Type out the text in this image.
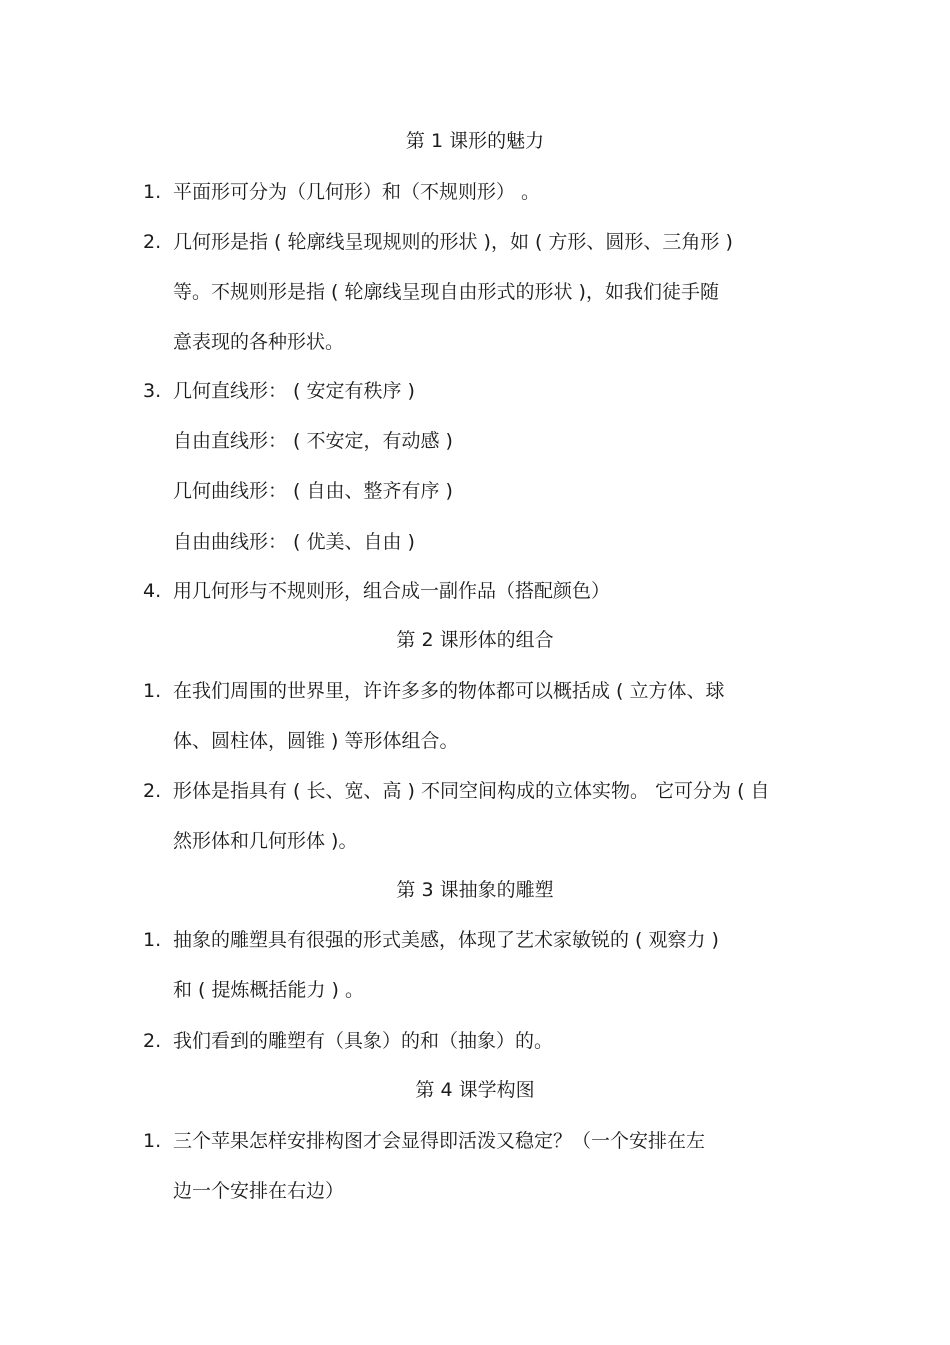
第 1 课形的魅力
1. 平面形可分为（几何形）和（不规则形） 。
2. 几何形是指 ( 轮廓线呈现规则的形状 )，如 ( 方形、圆形、三角形 )
等。不规则形是指 ( 轮廓线呈现自由形式的形状 )，如我们徒手随
意表现的各种形状。
3. 几何直线形： ( 安定有秩序 )
自由直线形： ( 不安定，有动感 )
几何曲线形： ( 自由、整齐有序 )
自由曲线形： ( 优美、自由 )
4. 用几何形与不规则形，组合成一副作品（搭配颜色）
第 2 课形体的组合
1. 在我们周围的世界里，许许多多的物体都可以概括成 ( 立方体、球
体、圆柱体，圆锥 ) 等形体组合。
2. 形体是指具有 ( 长、宽、高 ) 不同空间构成的立体实物。 它可分为 ( 自
然形体和几何形体 )。
第 3 课抽象的雕塑
1. 抽象的雕塑具有很强的形式美感，体现了艺术家敏锐的 ( 观察力 )
和 ( 提炼概括能力 ) 。
2. 我们看到的雕塑有（具象）的和（抽象）的。
第 4 课学构图
1. 三个苹果怎样安排构图才会显得即活泼又稳定？（一个安排在左
边一个安排在右边）
